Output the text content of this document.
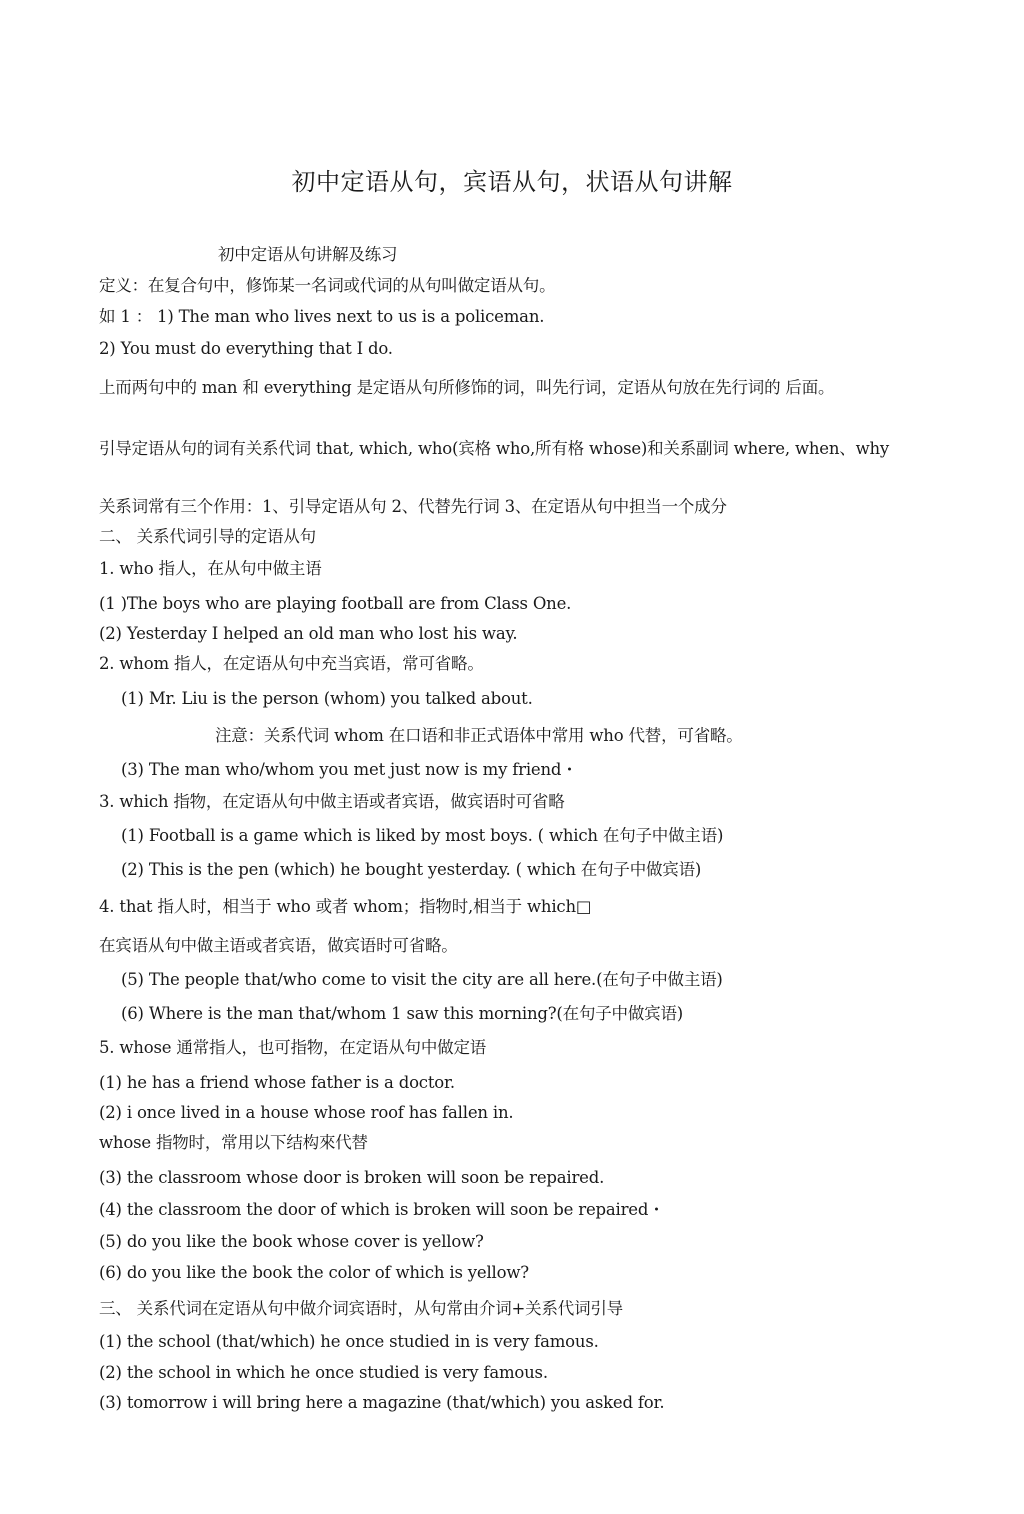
初中定语从句，宾语从句，状语从句讲解
初中定语从句讲解及练习
定义：在复合句中，修饰某一名词或代词的从句叫做定语从句。
如 1 ： 1) The man who lives next to us is a policeman.
2) You must do everything that I do.
上而两句中的 man 和 everything 是定语从句所修饰的词，叫先行词，定语从句放在先行词的 后面。
引导定语从句的词有关系代词 that, which, who(宾格 who,所有格 whose)和关系副词 where, when、why
关系词常有三个作用：1、引导定语从句 2、代替先行词 3、在定语从句中担当一个成分
二、 关系代词引导的定语从句
1. who 指人，在从句中做主语
(1 )The boys who are playing football are from Class One.
(2) Yesterday I helped an old man who lost his way.
2. whom 指人，在定语从句中充当宾语，常可省略。
(1) Mr. Liu is the person (whom) you talked about.
注意：关系代词 whom 在口语和非正式语体中常用 who 代替，可省略。
(3) The man who/whom you met just now is my friend・
3. which 指物，在定语从句中做主语或者宾语，做宾语时可省略
(1) Football is a game which is liked by most boys. ( which 在句子中做主语)
(2) This is the pen (which) he bought yesterday. ( which 在句子中做宾语)
4. that 指人时，相当于 who 或者 whom；指物时,相当于 which□
在宾语从句中做主语或者宾语，做宾语时可省略。
(5) The people that/who come to visit the city are all here.(在句子中做主语)
(6) Where is the man that/whom 1 saw this morning?(在句子中做宾语)
5. whose 通常指人，也可指物，在定语从句中做定语
(1) he has a friend whose father is a doctor.
(2) i once lived in a house whose roof has fallen in.
whose 指物时，常用以下结构來代替
(3) the classroom whose door is broken will soon be repaired.
(4) the classroom the door of which is broken will soon be repaired・
(5) do you like the book whose cover is yellow?
(6) do you like the book the color of which is yellow?
三、 关系代词在定语从句中做介词宾语时，从句常由介词+关系代词引导
(1) the school (that/which) he once studied in is very famous.
(2) the school in which he once studied is very famous.
(3) tomorrow i will bring here a magazine (that/which) you asked for.
